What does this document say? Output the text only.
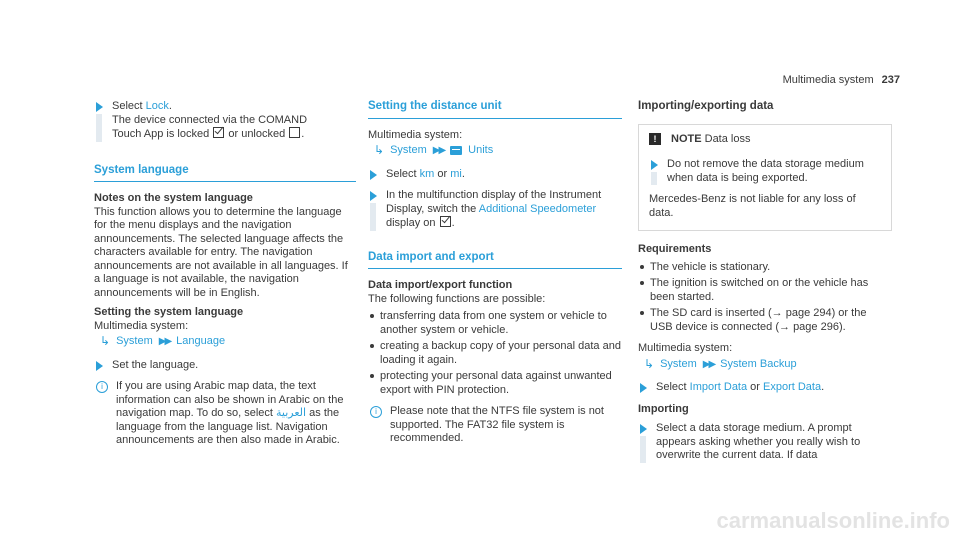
Multimedia system 237
Select Lock.
The device connected via the COMAND
Touch App is locked or unlocked .
System language
Notes on the system language

This function allows you to determine the language for the menu displays and the navigation announcements. The selected language affects the characters available for entry. The navigation announcements are not available in all languages. If a language is not available, the navigation announcements will be in English.

Setting the system language
Multimedia system:
↳ System ▶▶ Language
Set the language.
i	If you are using Arabic map data, the text information can also be shown in Arabic on the navigation map. To do so, select العربية as the language from the language list. Navigation announcements are then also made in Arabic.
Setting the distance unit
Multimedia system:
↳ System ▶▶ Units
Select km or mi.
In the multifunction display of the Instrument Display, switch the Additional Speedometer
display on .
Data import and export
Data import/export function
The following functions are possible:
transferring data from one system or vehicle to another system or vehicle.
creating a backup copy of your personal data and loading it again.
protecting your personal data against unwanted export with PIN protection.
i	Please note that the NTFS file system is not supported. The FAT32 file system is recommended.
Importing/exporting data
!	NOTE Data loss
Do not remove the data storage medium when data is being exported.
Mercedes-Benz is not liable for any loss of data.
Requirements
The vehicle is stationary.
The ignition is switched on or the vehicle has been started.
The SD card is inserted (→ page 294) or the USB device is connected (→ page 296).
Multimedia system:
↳ System ▶▶ System Backup
Select Import Data or Export Data.
Importing
Select a data storage medium. A prompt appears asking whether you really wish to overwrite the current data. If data
carmanualsonline.info
